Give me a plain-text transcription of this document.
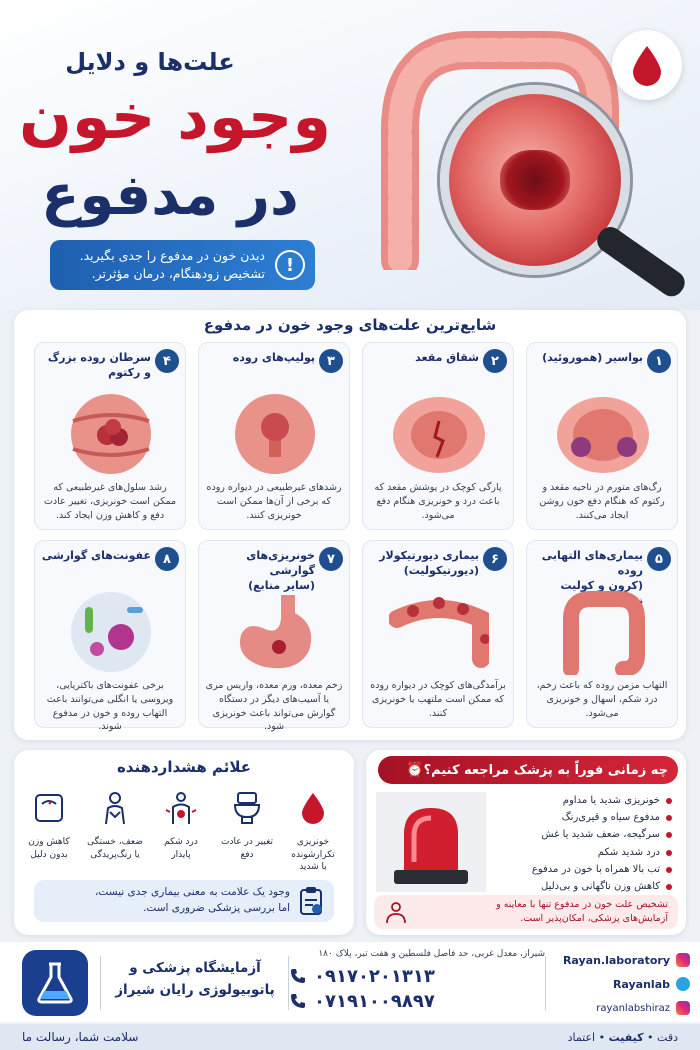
علت‌ها و دلایل
وجود خون
در مدفوع
!
دیدن خون در مدفوع را جدی بگیرید.
تشخیص زودهنگام، درمان مؤثرتر.
شایع‌ترین علت‌های وجود خون در مدفوع
۱
بواسیر (هموروئید)
رگ‌های متورم در ناحیه مقعد و رکتوم که هنگام دفع خون روشن ایجاد می‌کنند.
۲
شقاق مقعد
پارگی کوچک در پوشش مقعد که باعث درد و خونریزی هنگام دفع می‌شود.
۳
پولیپ‌های روده
رشدهای غیرطبیعی در دیواره روده که برخی از آن‌ها ممکن است خونریزی کنند.
۴
سرطان روده بزرگ و رکتوم
رشد سلول‌های غیرطبیعی که ممکن است خونریزی، تغییر عادت دفع و کاهش وزن ایجاد کند.
۵
بیماری‌های التهابی روده
(کرون و کولیت زخمی)
التهاب مزمن روده که باعث زخم، درد شکم، اسهال و خونریزی می‌شود.
۶
بیماری دیورتیکولار
(دیورتیکولیت)
برآمدگی‌های کوچک در دیواره روده که ممکن است ملتهب یا خونریزی کنند.
۷
خونریزی‌های گوارشی
(سایر منابع)
زخم معده، ورم معده، واریس مری یا آسیب‌های دیگر در دستگاه گوارش می‌تواند باعث خونریزی شود.
۸
عفونت‌های گوارشی
برخی عفونت‌های باکتریایی، ویروسی یا انگلی می‌توانند باعث التهاب روده و خون در مدفوع شوند.
علائم هشداردهنده
خونریزی تکرارشونده
یا شدید
تغییر در عادت
دفع
درد شکم
پایدار
ضعف، خستگی
یا رنگ‌پریدگی
کاهش وزن
بدون دلیل
وجود یک علامت به معنی بیماری جدی نیست،
اما بررسی پزشکی ضروری است.
چه زمانی فوراً به پزشک مراجعه کنیم؟
⏰
خونریزی شدید یا مداوم
مدفوع سیاه و قیری‌رنگ
سرگیجه، ضعف شدید یا غش
درد شدید شکم
تب بالا همراه با خون در مدفوع
کاهش وزن ناگهانی و بی‌دلیل
تشخیص علت خون در مدفوع تنها با معاینه و
آزمایش‌های پزشکی، امکان‌پذیر است.
Rayan.laboratory
Rayanlab
rayanlabshiraz
شیراز، معدل غربی، حد فاصل فلسطین و هفت تیر، پلاک ۱۸۰
۰۹۱۷۰۲۰۱۳۱۳
۰۷۱۹۱۰۰۹۸۹۷
آزمایشگاه پزشکی و
پاتوبیولوژی رایان شیراز
دقت • کیفیت • اعتماد
سلامت شما، رسالت ما
